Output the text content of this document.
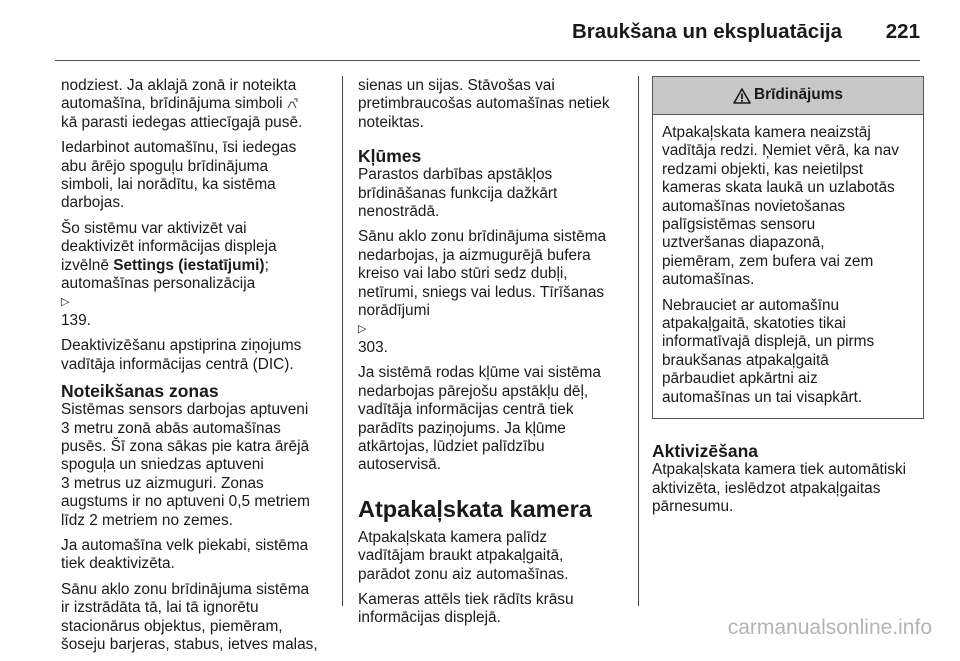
Braukšana un ekspluatācija 221

nodziest. Ja aklajā zonā ir noteikta
automašīna, brīdinājuma simboli
kā parasti iedegas attiecīgajā pusē.

Iedarbinot automašīnu, īsi iedegas
abu ārējo spoguļu brīdinājuma
simboli, lai norādītu, ka sistēma
darbojas.

Šo sistēmu var aktivizēt vai
deaktivizēt informācijas displeja
izvēlnē Settings (iestatījumi);
automašīnas personalizācija
▷
139.

Deaktivizēšanu apstiprina ziņojums
vadītāja informācijas centrā (DIC).

Noteikšanas zonas

Sistēmas sensors darbojas aptuveni
3 metru zonā abās automašīnas
pusēs. Šī zona sākas pie katra ārējā
spoguļa un sniedzas aptuveni
3 metrus uz aizmuguri. Zonas
augstums ir no aptuveni 0,5 metriem
līdz 2 metriem no zemes.

Ja automašīna velk piekabi, sistēma
tiek deaktivizēta.

Sānu aklo zonu brīdinājuma sistēma
ir izstrādāta tā, lai tā ignorētu
stacionārus objektus, piemēram,
šoseju barjeras, stabus, ietves malas,

sienas un sijas. Stāvošas vai
pretimbraucošas automašīnas netiek
noteiktas.

Kļūmes

Parastos darbības apstākļos
brīdināšanas funkcija dažkārt
nenostrādā.

Sānu aklo zonu brīdinājuma sistēma
nedarbojas, ja aizmugurējā bufera
kreiso vai labo stūri sedz dubļi,
netīrumi, sniegs vai ledus. Tīrīšanas
norādījumi
▷
303.

Ja sistēmā rodas kļūme vai sistēma
nedarbojas pārejošu apstākļu dēļ,
vadītāja informācijas centrā tiek
parādīts paziņojums. Ja kļūme
atkārtojas, lūdziet palīdzību
autoservisā.

Atpakaļskata kamera

Atpakaļskata kamera palīdz
vadītājam braukt atpakaļgaitā,
parādot zonu aiz automašīnas.

Kameras attēls tiek rādīts krāsu
informācijas displejā.

Brīdinājums

Atpakaļskata kamera neaizstāj
vadītāja redzi. Ņemiet vērā, ka nav
redzami objekti, kas neietilpst
kameras skata laukā un uzlabotās
automašīnas novietošanas
palīgsistēmas sensoru
uztveršanas diapazonā,
piemēram, zem bufera vai zem
automašīnas.

Nebrauciet ar automašīnu
atpakaļgaitā, skatoties tikai
informatīvajā displejā, un pirms
braukšanas atpakaļgaitā
pārbaudiet apkārtni aiz
automašīnas un tai visapkārt.

Aktivizēšana

Atpakaļskata kamera tiek automātiski
aktivizēta, ieslēdzot atpakaļgaitas
pārnesumu.

carmanualsonline.info
